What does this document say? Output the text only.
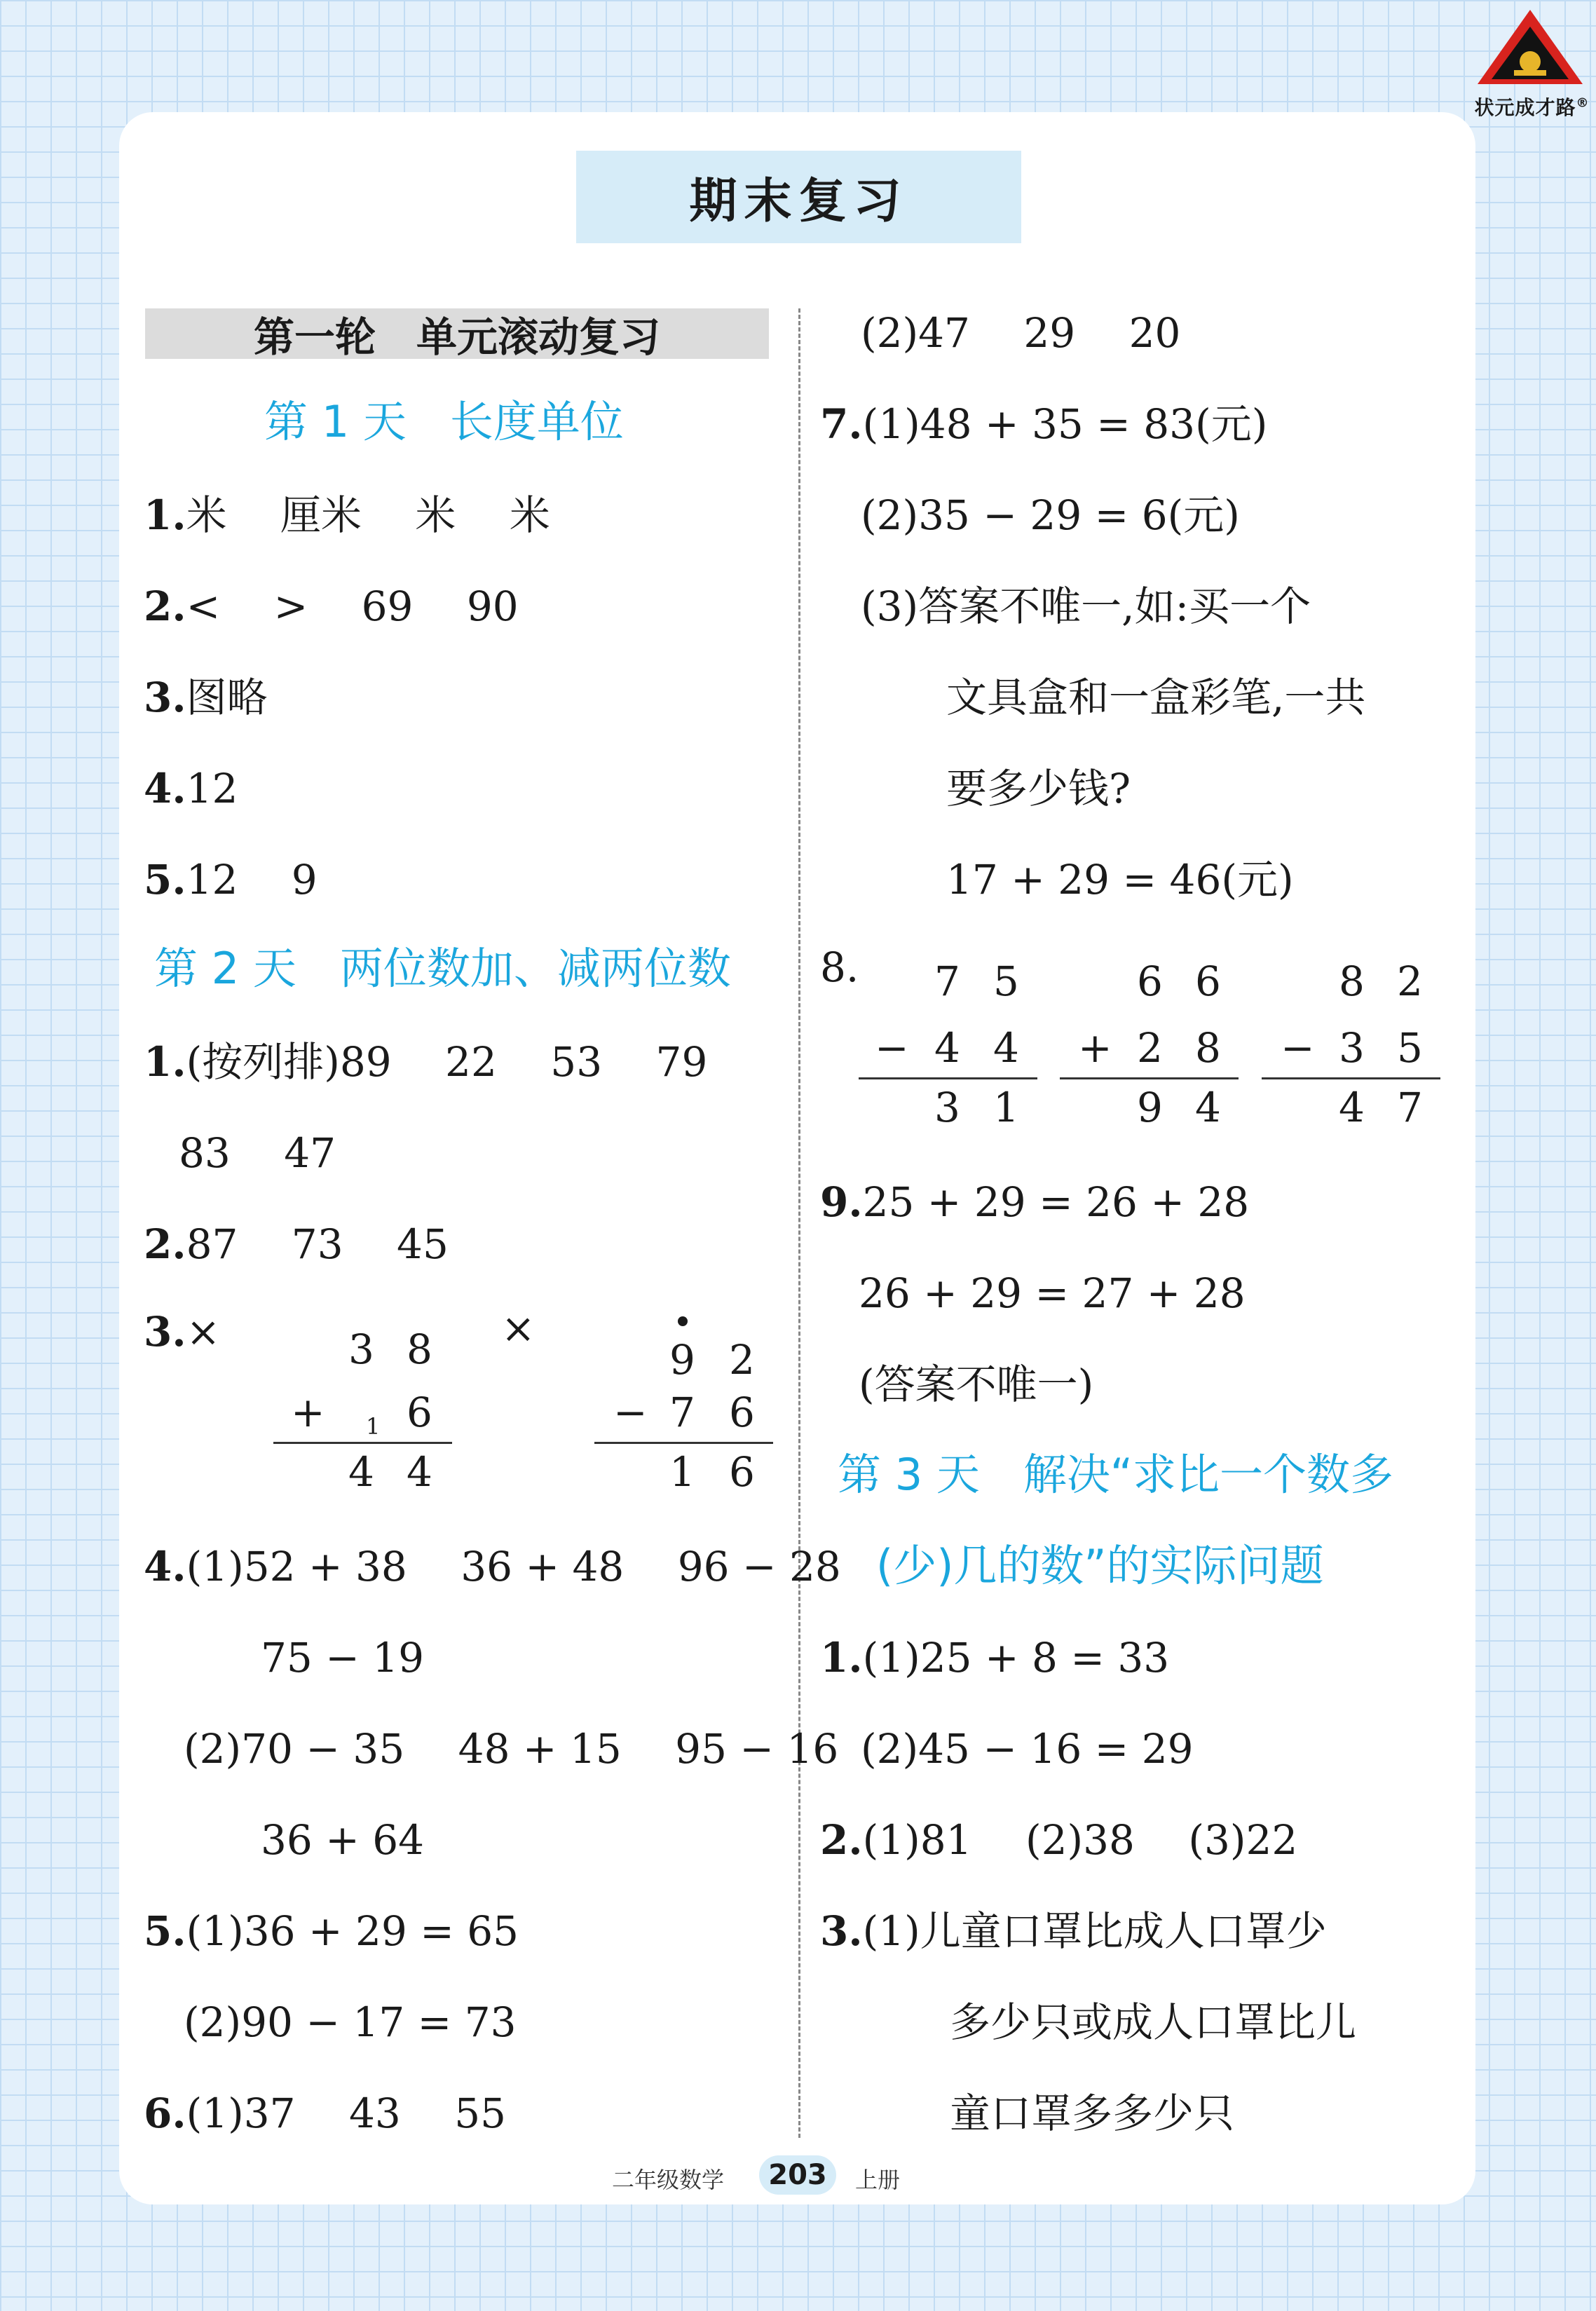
状元成才路®
期末复习
第一轮　单元滚动复习
第 1 天　长度单位
1.米　 厘米　 米　 米
2.<　 >　 69　 90
3.图略
4.12
5.12　 9
第 2 天　两位数加、减两位数
1.(按列排)89　 22　 53　 79
83　 47
2.87　 73　 45
3.×	×
3 8
+ 1 6
4 4
9 2
− 7 6
1 6
4.(1)52 + 38　 36 + 48　 96 − 28
75 − 19
(2)70 − 35　 48 + 15　 95 − 16
36 + 64
5.(1)36 + 29 = 65
(2)90 − 17 = 73
6.(1)37　 43　 55
(2)47　 29　 20
7.(1)48 + 35 = 83(元)
(2)35 − 29 = 6(元)
(3)答案不唯一,如:买一个
文具盒和一盒彩笔,一共
要多少钱?
17 + 29 = 46(元)
8. 7 5
− 4 4
3 1
6 6
+ 2 8
9 4
8 2
− 3 5
4 7
9.25 + 29 = 26 + 28
26 + 29 = 27 + 28
(答案不唯一)
第 3 天　解决“求比一个数多
(少)几的数”的实际问题
1.(1)25 + 8 = 33
(2)45 − 16 = 29
2.(1)81　 (2)38　 (3)22
3.(1)儿童口罩比成人口罩少
多少只或成人口罩比儿
童口罩多多少只
二年级数学 203 上册
